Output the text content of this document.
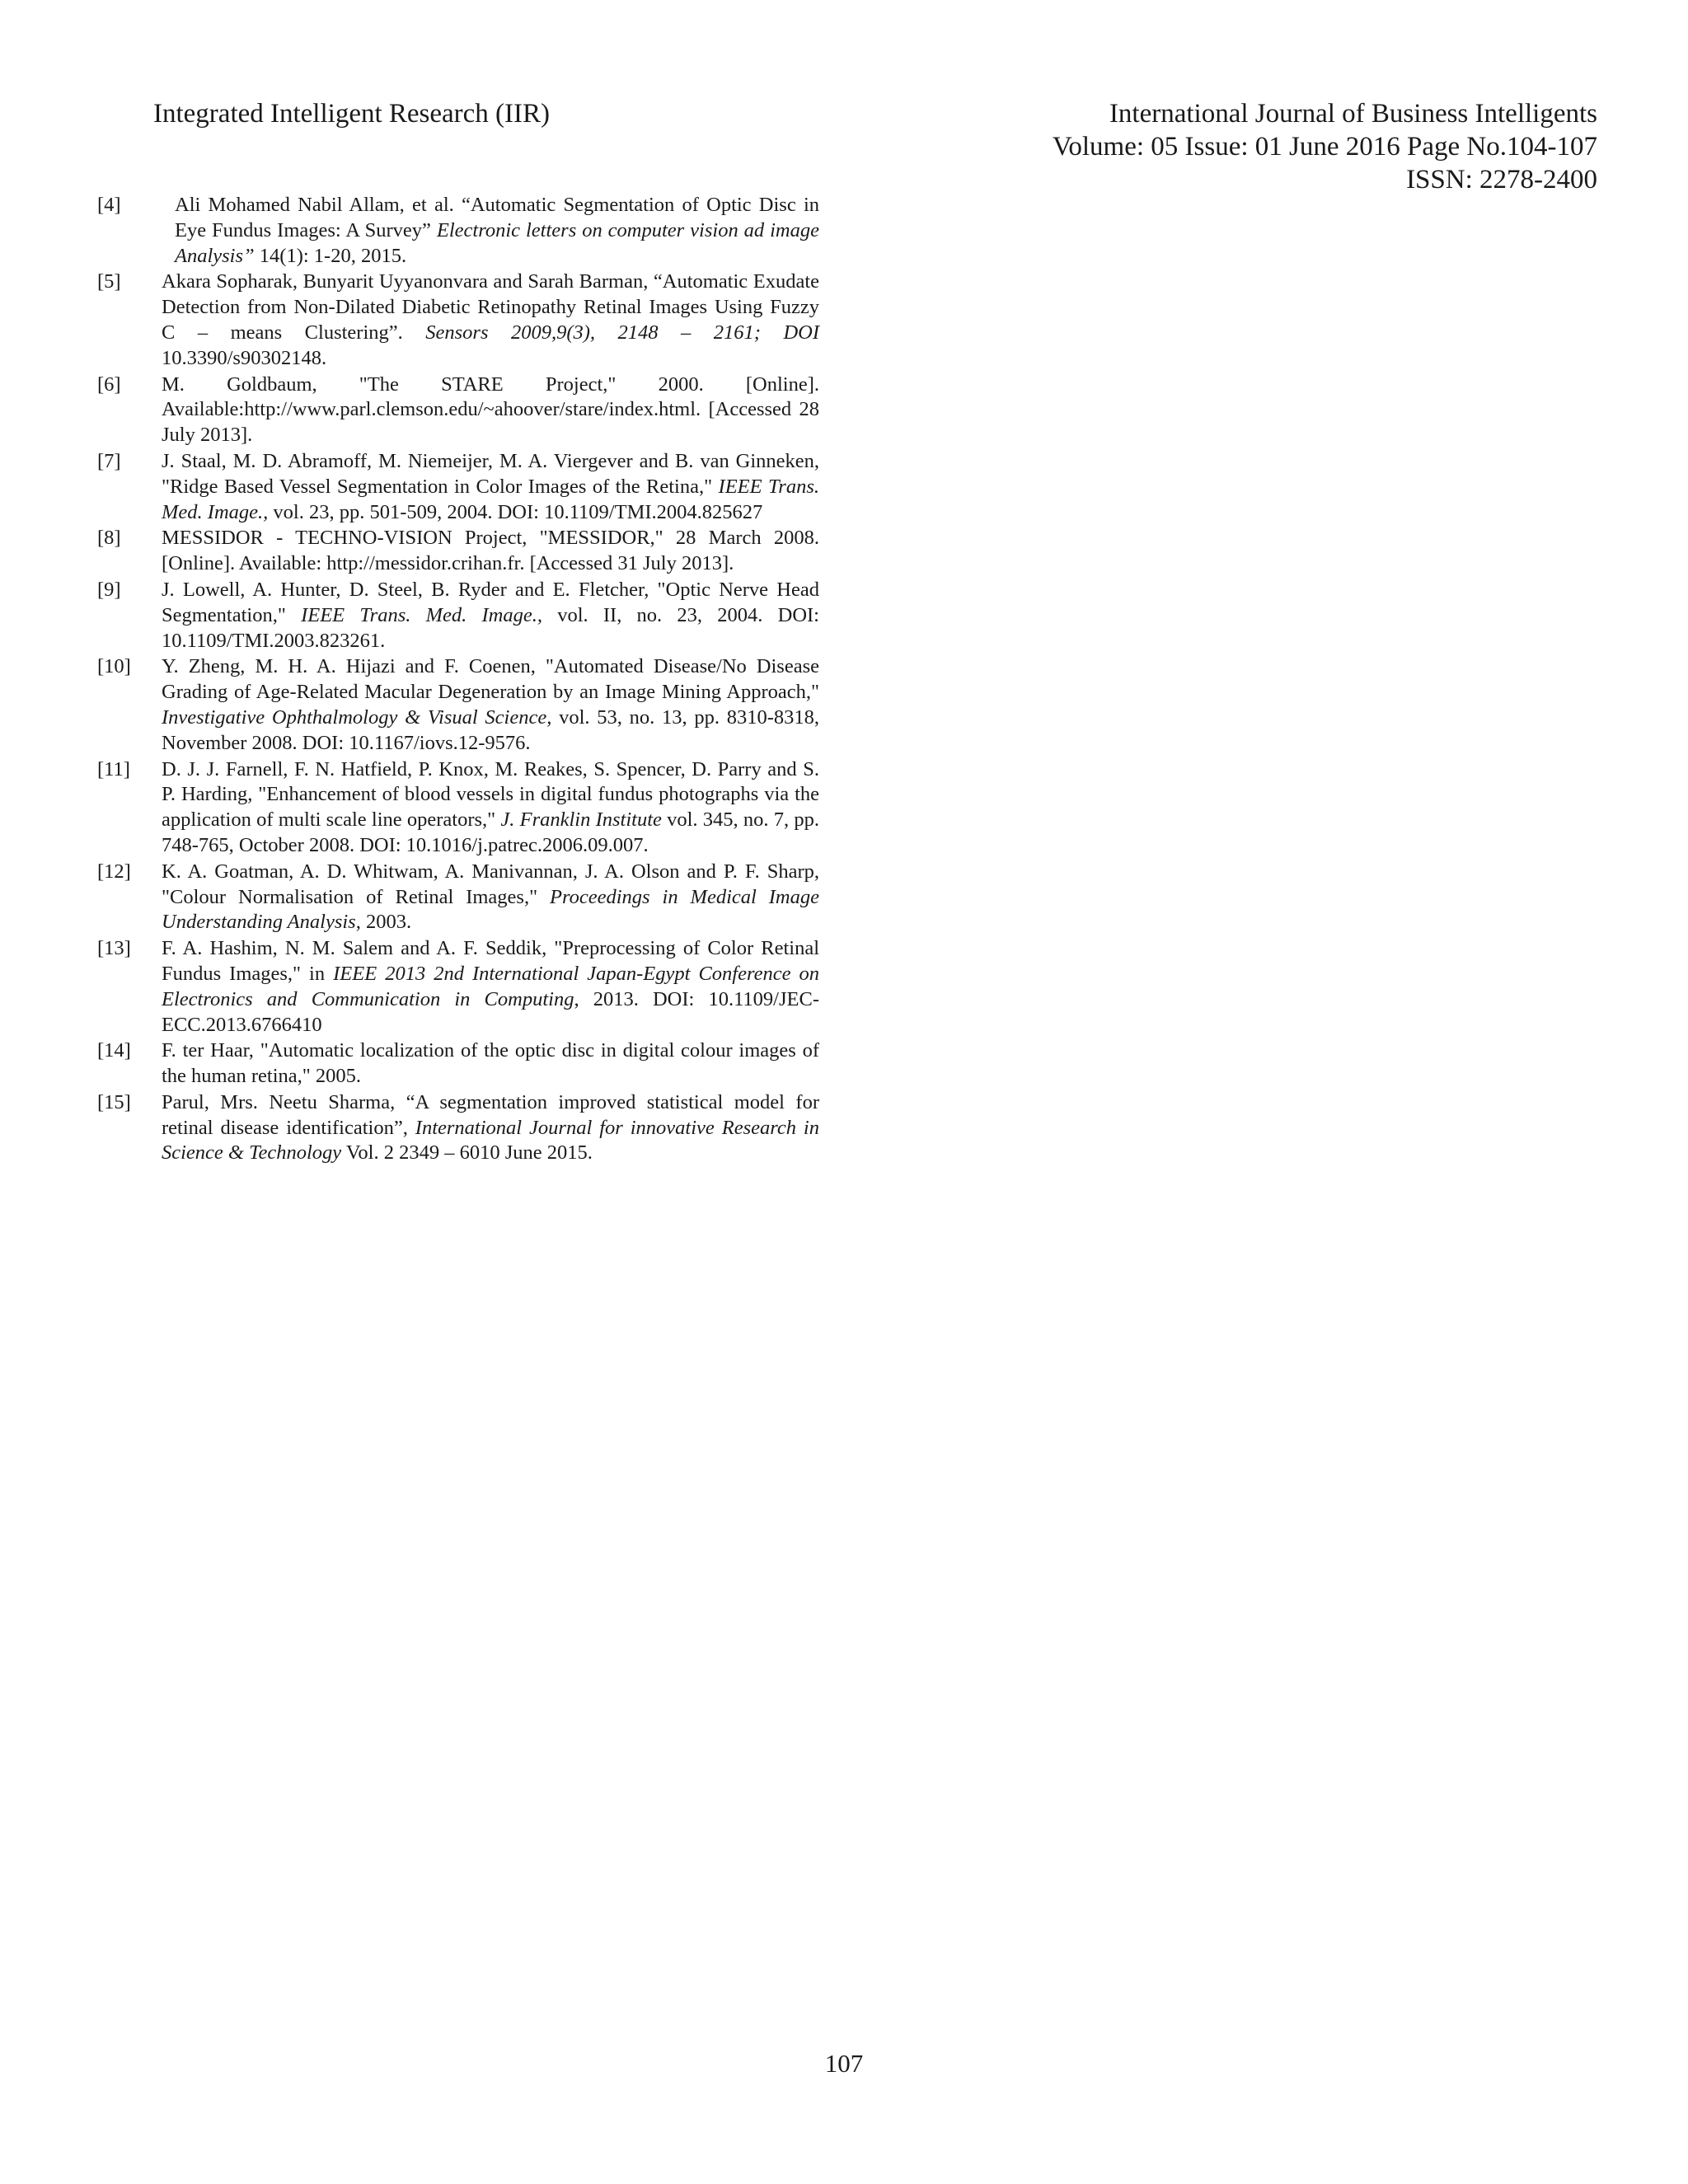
Integrated Intelligent Research (IIR)	International Journal of Business Intelligents
Volume: 05 Issue: 01 June 2016 Page No.104-107
ISSN: 2278-2400
[4]	Ali Mohamed Nabil Allam, et al. “Automatic Segmentation of Optic Disc in Eye Fundus Images: A Survey” Electronic letters on computer vision ad image Analysis” 14(1): 1-20, 2015.
[5]	Akara Sopharak, Bunyarit Uyyanonvara and Sarah Barman, “Automatic Exudate Detection from Non-Dilated Diabetic Retinopathy Retinal Images Using Fuzzy C – means Clustering”. Sensors 2009,9(3), 2148 – 2161; DOI 10.3390/s90302148.
[6]	M. Goldbaum, "The STARE Project," 2000. [Online]. Available:http://www.parl.clemson.edu/~ahoover/stare/index.html. [Accessed 28 July 2013].
[7]	J. Staal, M. D. Abramoff, M. Niemeijer, M. A. Viergever and B. van Ginneken, "Ridge Based Vessel Segmentation in Color Images of the Retina," IEEE Trans. Med. Image., vol. 23, pp. 501-509, 2004. DOI: 10.1109/TMI.2004.825627
[8]	MESSIDOR - TECHNO-VISION Project, "MESSIDOR," 28 March 2008. [Online]. Available: http://messidor.crihan.fr. [Accessed 31 July 2013].
[9]	J. Lowell, A. Hunter, D. Steel, B. Ryder and E. Fletcher, "Optic Nerve Head Segmentation," IEEE Trans. Med. Image., vol. II, no. 23, 2004. DOI: 10.1109/TMI.2003.823261.
[10]	Y. Zheng, M. H. A. Hijazi and F. Coenen, "Automated Disease/No Disease Grading of Age-Related Macular Degeneration by an Image Mining Approach," Investigative Ophthalmology & Visual Science, vol. 53, no. 13, pp. 8310-8318, November 2008. DOI: 10.1167/iovs.12-9576.
[11]	D. J. J. Farnell, F. N. Hatfield, P. Knox, M. Reakes, S. Spencer, D. Parry and S. P. Harding, "Enhancement of blood vessels in digital fundus photographs via the application of multi scale line operators," J. Franklin Institute vol. 345, no. 7, pp. 748-765, October 2008. DOI: 10.1016/j.patrec.2006.09.007.
[12]	K. A. Goatman, A. D. Whitwam, A. Manivannan, J. A. Olson and P. F. Sharp, "Colour Normalisation of Retinal Images," Proceedings in Medical Image Understanding Analysis, 2003.
[13]	F. A. Hashim, N. M. Salem and A. F. Seddik, "Preprocessing of Color Retinal Fundus Images," in IEEE 2013 2nd International Japan-Egypt Conference on Electronics and Communication in Computing, 2013. DOI: 10.1109/JEC-ECC.2013.6766410
[14]	F. ter Haar, "Automatic localization of the optic disc in digital colour images of the human retina," 2005.
[15]	Parul, Mrs. Neetu Sharma, “A segmentation improved statistical model for retinal disease identification”, International Journal for innovative Research in Science & Technology Vol. 2 2349 – 6010 June 2015.
107
